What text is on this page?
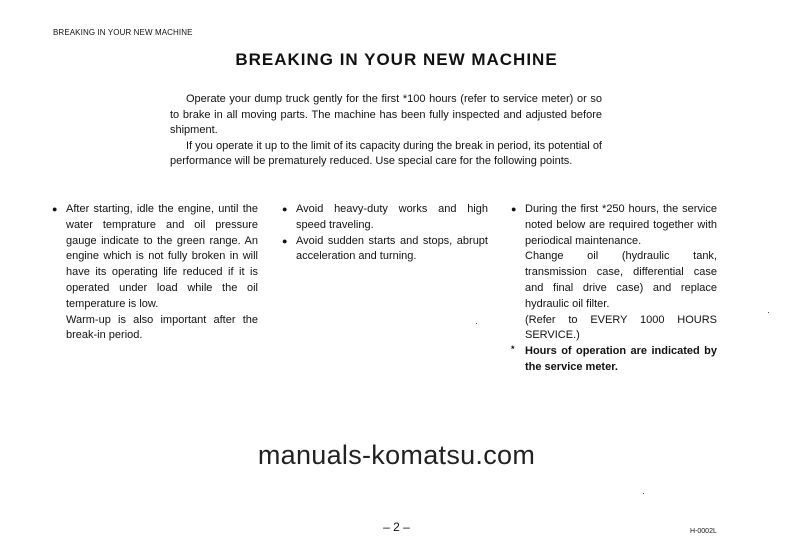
BREAKING IN YOUR NEW MACHINE
BREAKING IN YOUR NEW MACHINE

Operate your dump truck gently for the first *100 hours (refer to service meter) or so to brake in all moving parts. The machine has been fully inspected and adjusted before shipment.

If you operate it up to the limit of its capacity during the break in period, its potential of performance will be prematurely reduced. Use special care for the following points.

manuals-komatsu.com
● After starting, idle the engine, until the water temprature and oil pressure gauge indicate to the green range. An engine which is not fully broken in will have its operating life reduced if it is operated under load while the oil temperature is low.

Warm-up is also important after the break-in period.

● Avoid heavy-duty works and high speed traveling.

● Avoid sudden starts and stops, abrupt acceleration and turning.

● During the first *250 hours, the service noted below are required together with periodical maintenance.

Change oil (hydraulic tank, transmission case, differential case and final drive case) and replace hydraulic oil filter.

(Refer to EVERY 1000 HOURS SERVICE.)

* Hours of operation are indicated by the service meter.

– 2 –	H-0002L
